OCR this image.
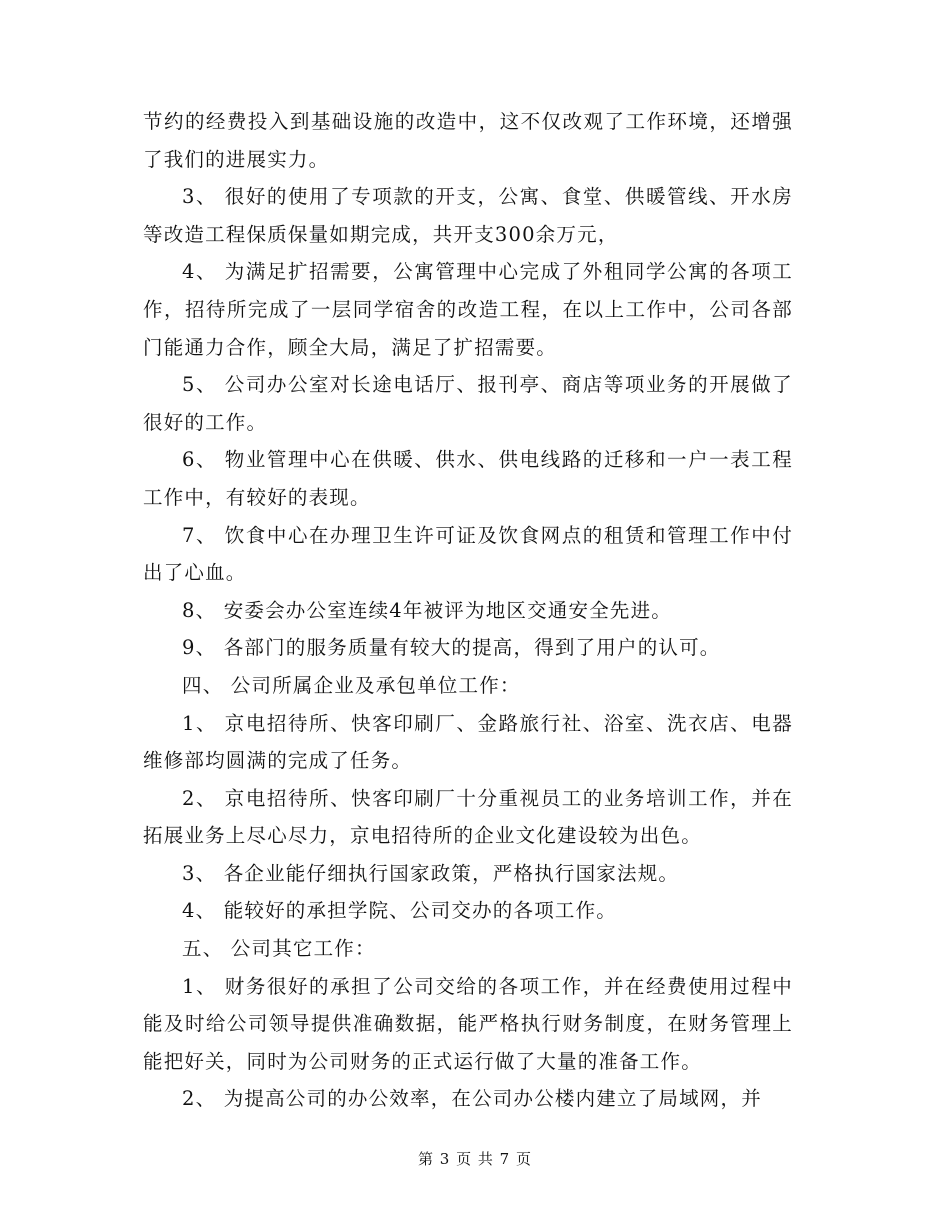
节约的经费投入到基础设施的改造中，这不仅改观了工作环境，还增强了我们的进展实力。

3、 很好的使用了专项款的开支，公寓、食堂、供暖管线、开水房等改造工程保质保量如期完成，共开支300余万元，

4、 为满足扩招需要，公寓管理中心完成了外租同学公寓的各项工作，招待所完成了一层同学宿舍的改造工程，在以上工作中，公司各部门能通力合作，顾全大局，满足了扩招需要。

5、 公司办公室对长途电话厅、报刊亭、商店等项业务的开展做了很好的工作。

6、 物业管理中心在供暖、供水、供电线路的迁移和一户一表工程工作中，有较好的表现。

7、 饮食中心在办理卫生许可证及饮食网点的租赁和管理工作中付出了心血。

8、 安委会办公室连续4年被评为地区交通安全先进。

9、 各部门的服务质量有较大的提高，得到了用户的认可。

四、 公司所属企业及承包单位工作：

1、 京电招待所、快客印刷厂、金路旅行社、浴室、洗衣店、电器维修部均圆满的完成了任务。

2、 京电招待所、快客印刷厂十分重视员工的业务培训工作，并在拓展业务上尽心尽力，京电招待所的企业文化建设较为出色。

3、 各企业能仔细执行国家政策，严格执行国家法规。

4、 能较好的承担学院、公司交办的各项工作。

五、 公司其它工作：

1、 财务很好的承担了公司交给的各项工作，并在经费使用过程中能及时给公司领导提供准确数据，能严格执行财务制度，在财务管理上能把好关，同时为公司财务的正式运行做了大量的准备工作。

2、 为提高公司的办公效率，在公司办公楼内建立了局域网，并

第 3 页 共 7 页
